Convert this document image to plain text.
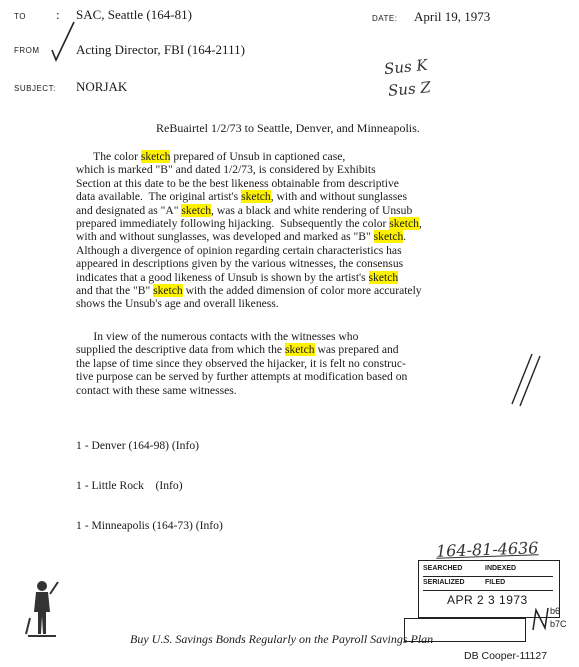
TO : SAC, Seattle (164-81)	DATE: April 19, 1973
FROM	Acting Director, FBI (164-2111)
SUBJECT: NORJAK
Sus K
Sus Z
ReBuairtel 1/2/73 to Seattle, Denver, and Minneapolis.
The color sketch prepared of Unsub in captioned case,
which is marked "B" and dated 1/2/73, is considered by Exhibits
Section at this date to be the best likeness obtainable from descriptive
data available.  The original artist's sketch, with and without sunglasses
and designated as "A" sketch, was a black and white rendering of Unsub
prepared immediately following hijacking.  Subsequently the color sketch,
with and without sunglasses, was developed and marked as "B" sketch.
Although a divergence of opinion regarding certain characteristics has
appeared in descriptions given by the various witnesses, the consensus
indicates that a good likeness of Unsub is shown by the artist's sketch
and that the "B" sketch with the added dimension of color more accurately
shows the Unsub's age and overall likeness.
In view of the numerous contacts with the witnesses who
supplied the descriptive data from which the sketch was prepared and
the lapse of time since they observed the hijacker, it is felt no construc-
tive purpose can be served by further attempts at modification based on
contact with these same witnesses.

1 - Denver (164-98) (Info)

1 - Little Rock    (Info)

1 - Minneapolis (164-73) (Info)

164-81-4636
SEARCHED	INDEXED
SERIALIZED	FILED
APR 2 3 1973
b6
b7C
Buy U.S. Savings Bonds Regularly on the Payroll Savings Plan
DB Cooper-11127
